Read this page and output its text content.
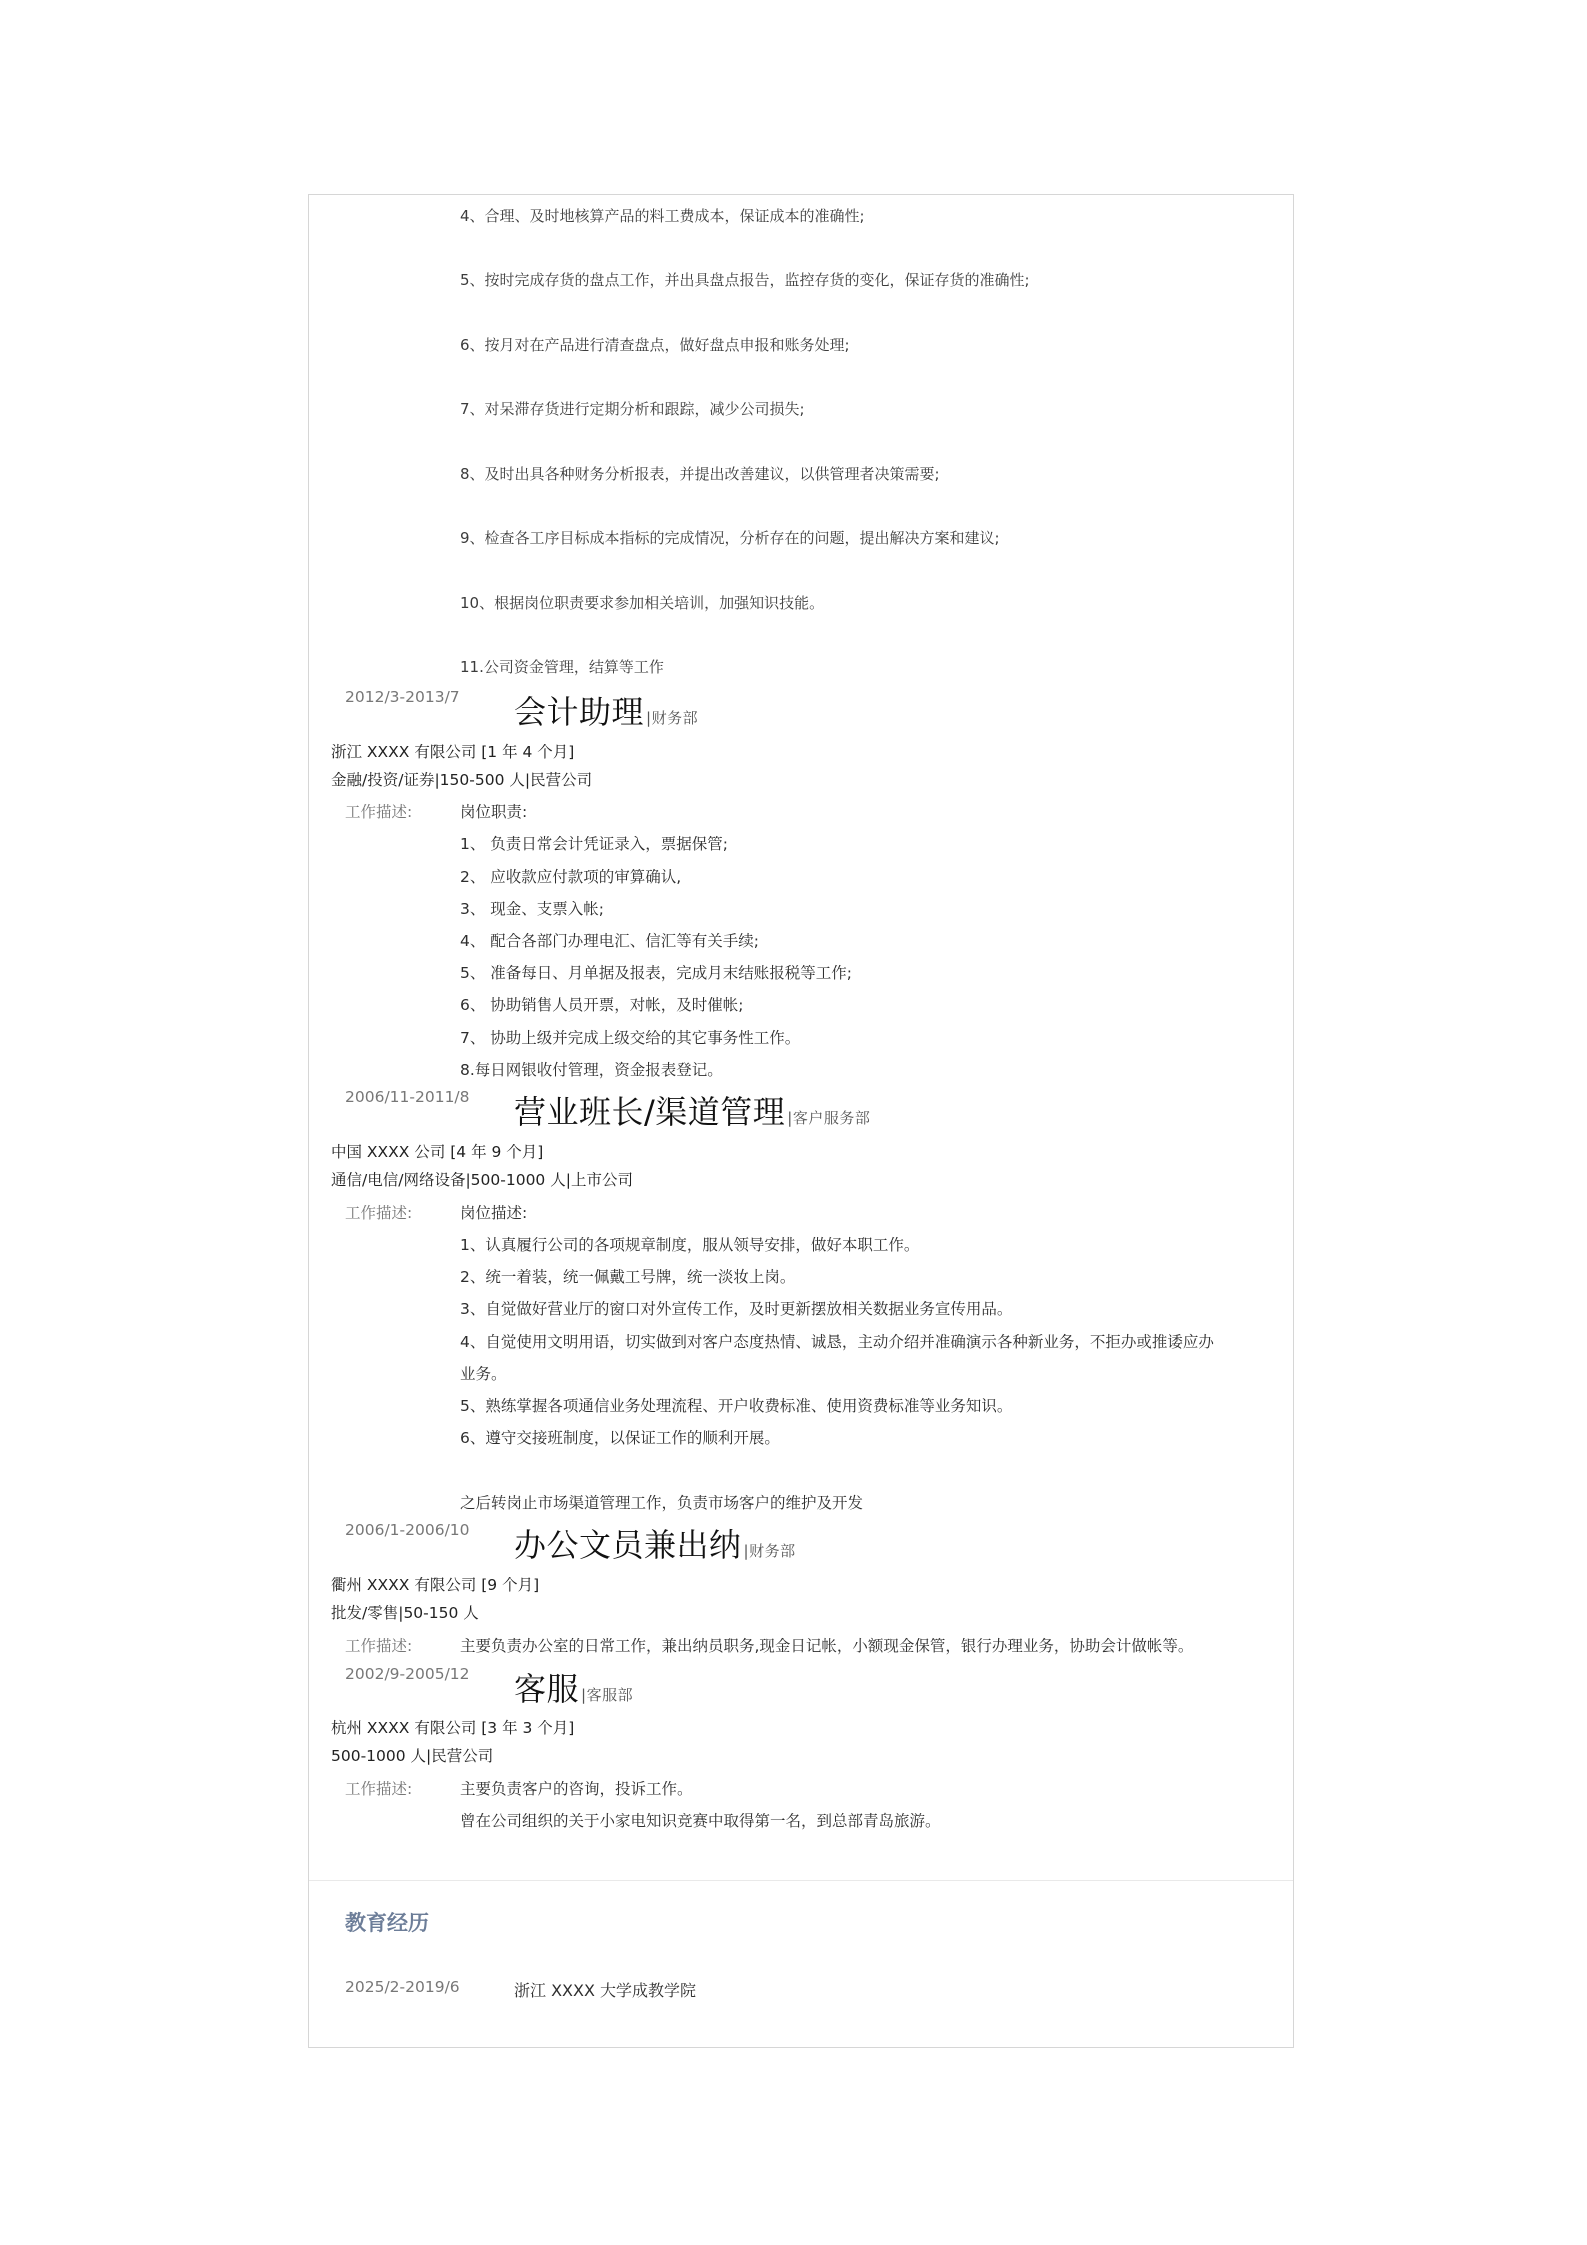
4、合理、及时地核算产品的料工费成本，保证成本的准确性;
5、按时完成存货的盘点工作，并出具盘点报告，监控存货的变化，保证存货的准确性;
6、按月对在产品进行清查盘点，做好盘点申报和账务处理;
7、对呆滞存货进行定期分析和跟踪，减少公司损失;
8、及时出具各种财务分析报表，并提出改善建议，以供管理者决策需要;
9、检查各工序目标成本指标的完成情况，分析存在的问题，提出解决方案和建议;
10、根据岗位职责要求参加相关培训，加强知识技能。
11.公司资金管理，结算等工作
2012/3-2013/7 会计助理 |财务部
浙江 XXXX 有限公司 [1 年 4 个月]
金融/投资/证券|150-500 人|民营公司
工作描述:	岗位职责:
1、 负责日常会计凭证录入，票据保管;
2、 应收款应付款项的审算确认,
3、 现金、支票入帐;
4、 配合各部门办理电汇、信汇等有关手续;
5、 准备每日、月单据及报表，完成月末结账报税等工作;
6、 协助销售人员开票，对帐，及时催帐;
7、 协助上级并完成上级交给的其它事务性工作。
8.每日网银收付管理，资金报表登记。
2006/11-2011/8 营业班长/渠道管理 |客户服务部
中国 XXXX 公司 [4 年 9 个月]
通信/电信/网络设备|500-1000 人|上市公司
工作描述:	岗位描述:
1、认真履行公司的各项规章制度，服从领导安排，做好本职工作。
2、统一着装，统一佩戴工号牌，统一淡妆上岗。
3、自觉做好营业厅的窗口对外宣传工作，及时更新摆放相关数据业务宣传用品。
4、自觉使用文明用语，切实做到对客户态度热情、诚恳，主动介绍并准确演示各种新业务，不拒办或推诿应办
业务。
5、熟练掌握各项通信业务处理流程、开户收费标准、使用资费标准等业务知识。
6、遵守交接班制度，以保证工作的顺利开展。
之后转岗止市场渠道管理工作，负责市场客户的维护及开发
2006/1-2006/10 办公文员兼出纳 |财务部
衢州 XXXX 有限公司 [9 个月]
批发/零售|50-150 人
工作描述:	主要负责办公室的日常工作，兼出纳员职务,现金日记帐，小额现金保管，银行办理业务，协助会计做帐等。
2002/9-2005/12 客服 |客服部
杭州 XXXX 有限公司 [3 年 3 个月]
500-1000 人|民营公司
工作描述:	主要负责客户的咨询，投诉工作。
曾在公司组织的关于小家电知识竞赛中取得第一名，到总部青岛旅游。
教育经历
2025/2-2019/6	浙江 XXXX 大学成教学院
